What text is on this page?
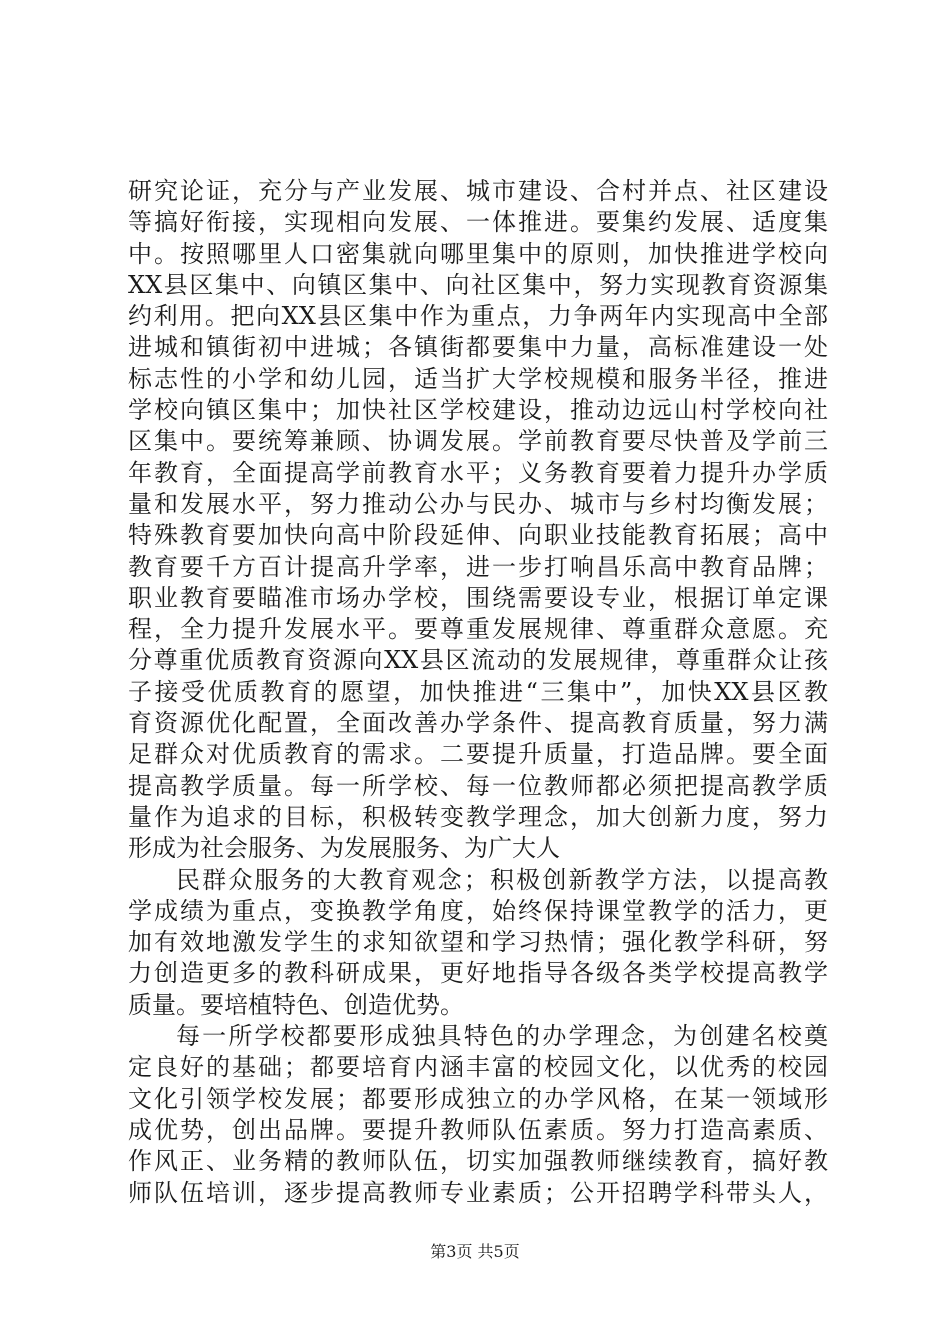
研究论证，充分与产业发展、城市建设、合村并点、社区建设
等搞好衔接，实现相向发展、一体推进。要集约发展、适度集
中。按照哪里人口密集就向哪里集中的原则，加快推进学校向
XX县区集中、向镇区集中、向社区集中，努力实现教育资源集
约利用。把向XX县区集中作为重点，力争两年内实现高中全部
进城和镇街初中进城；各镇街都要集中力量，高标准建设一处
标志性的小学和幼儿园，适当扩大学校规模和服务半径，推进
学校向镇区集中；加快社区学校建设，推动边远山村学校向社
区集中。要统筹兼顾、协调发展。学前教育要尽快普及学前三
年教育，全面提高学前教育水平；义务教育要着力提升办学质
量和发展水平，努力推动公办与民办、城市与乡村均衡发展；
特殊教育要加快向高中阶段延伸、向职业技能教育拓展；高中
教育要千方百计提高升学率，进一步打响昌乐高中教育品牌；
职业教育要瞄准市场办学校，围绕需要设专业，根据订单定课
程，全力提升发展水平。要尊重发展规律、尊重群众意愿。充
分尊重优质教育资源向XX县区流动的发展规律，尊重群众让孩
子接受优质教育的愿望，加快推进“三集中”，加快XX县区教
育资源优化配置，全面改善办学条件、提高教育质量，努力满
足群众对优质教育的需求。二要提升质量，打造品牌。要全面
提高教学质量。每一所学校、每一位教师都必须把提高教学质
量作为追求的目标，积极转变教学理念，加大创新力度，努力
形成为社会服务、为发展服务、为广大人
民群众服务的大教育观念；积极创新教学方法，以提高教
学成绩为重点，变换教学角度，始终保持课堂教学的活力，更
加有效地激发学生的求知欲望和学习热情；强化教学科研，努
力创造更多的教科研成果，更好地指导各级各类学校提高教学
质量。要培植特色、创造优势。
每一所学校都要形成独具特色的办学理念，为创建名校奠
定良好的基础；都要培育内涵丰富的校园文化，以优秀的校园
文化引领学校发展；都要形成独立的办学风格，在某一领域形
成优势，创出品牌。要提升教师队伍素质。努力打造高素质、
作风正、业务精的教师队伍，切实加强教师继续教育，搞好教
师队伍培训，逐步提高教师专业素质；公开招聘学科带头人，
第3页 共5页
